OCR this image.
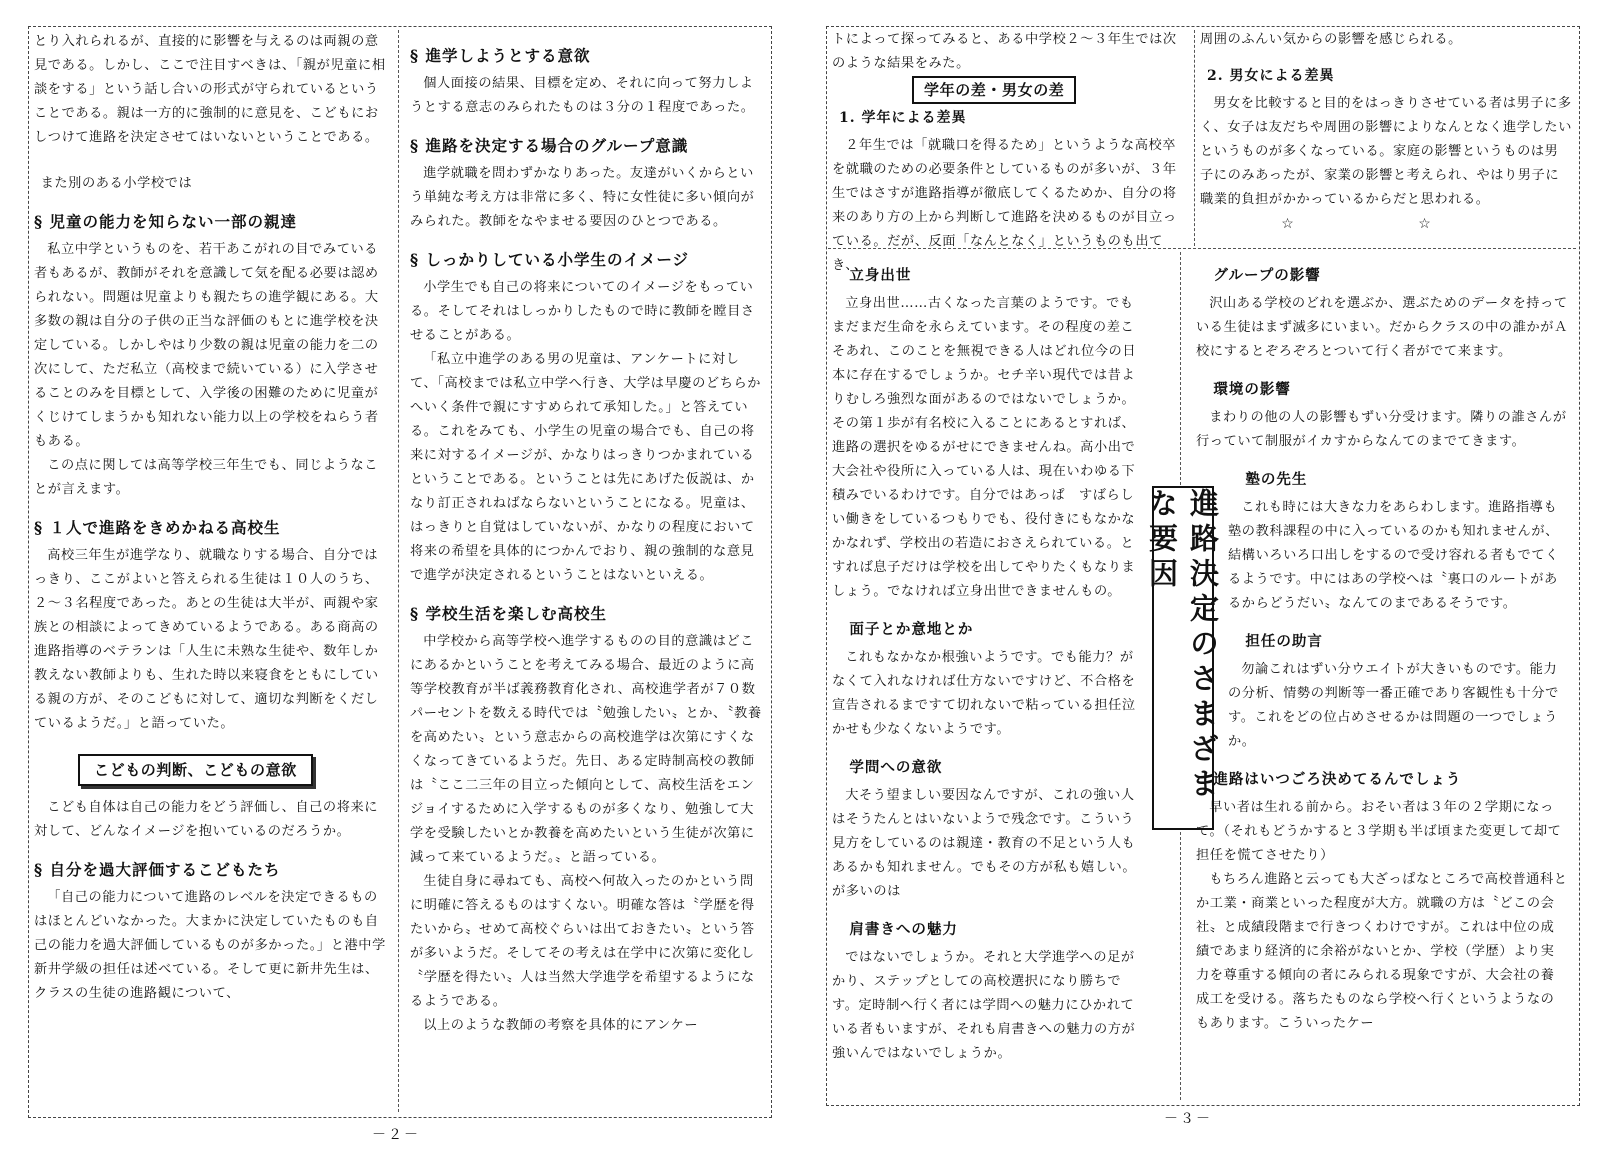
とり入れられるが、直接的に影響を与えるのは両親の意見である。しかし、ここで注目すべきは、「親が児童に相談をする」という話し合いの形式が守られているということである。親は一方的に強制的に意見を、こどもにおしつけて進路を決定させてはいないということである。

また別のある小学校では

§ 児童の能力を知らない一部の親達

私立中学というものを、若干あこがれの目でみている者もあるが、教師がそれを意識して気を配る必要は認められない。問題は児童よりも親たちの進学観にある。大多数の親は自分の子供の正当な評価のもとに進学校を決定している。しかしやはり少数の親は児童の能力を二の次にして、ただ私立（高校まで続いている）に入学させることのみを目標として、入学後の困難のために児童がくじけてしまうかも知れない能力以上の学校をねらう者もある。

この点に関しては高等学校三年生でも、同じようなことが言えます。

§ １人で進路をきめかねる高校生

高校三年生が進学なり、就職なりする場合、自分ではっきり、ここがよいと答えられる生徒は１０人のうち、２～３名程度であった。あとの生徒は大半が、両親や家族との相談によってきめているようである。ある商高の進路指導のベテランは「人生に未熟な生徒や、数年しか教えない教師よりも、生れた時以来寝食をともにしている親の方が、そのこどもに対して、適切な判断をくだしているようだ。」と語っていた。

こどもの判断、こどもの意欲

こども自体は自己の能力をどう評価し、自己の将来に対して、どんなイメージを抱いているのだろうか。

§ 自分を過大評価するこどもたち

「自己の能力について進路のレベルを決定できるものはほとんどいなかった。大まかに決定していたものも自己の能力を過大評価しているものが多かった。」と港中学新井学級の担任は述べている。そして更に新井先生は、クラスの生徒の進路観について、

§ 進学しようとする意欲

個人面接の結果、目標を定め、それに向って努力しようとする意志のみられたものは３分の１程度であった。

§ 進路を決定する場合のグループ意識

進学就職を問わずかなりあった。友達がいくからという単純な考え方は非常に多く、特に女性徒に多い傾向がみられた。教師をなやませる要因のひとつである。

§ しっかりしている小学生のイメージ

小学生でも自己の将来についてのイメージをもっている。そしてそれはしっかりしたもので時に教師を瞠目させることがある。

「私立中進学のある男の児童は、アンケートに対して、「高校までは私立中学へ行き、大学は早慶のどちらかへいく条件で親にすすめられて承知した。」と答えている。これをみても、小学生の児童の場合でも、自己の将来に対するイメージが、かなりはっきりつかまれているということである。ということは先にあげた仮説は、かなり訂正されねばならないということになる。児童は、はっきりと自覚はしていないが、かなりの程度において将来の希望を具体的につかんでおり、親の強制的な意見で進学が決定されるということはないといえる。

§ 学校生活を楽しむ高校生

中学校から高等学校へ進学するものの目的意識はどこにあるかということを考えてみる場合、最近のように高等学校教育が半ば義務教育化され、高校進学者が７０数パーセントを数える時代では〝勉強したい〟とか、〝教養を高めたい〟という意志からの高校進学は次第にすくなくなってきているようだ。先日、ある定時制高校の教師は〝ここ二三年の目立った傾向として、高校生活をエンジョイするために入学するものが多くなり、勉強して大学を受験したいとか教養を高めたいという生徒が次第に減って来ているようだ。〟と語っている。

生徒自身に尋ねても、高校へ何故入ったのかという問に明確に答えるものはすくない。明確な答は〝学歴を得たいから〟せめて高校ぐらいは出ておきたい〟という答が多いようだ。そしてその考えは在学中に次第に変化し〝学歴を得たい〟人は当然大学進学を希望するようになるようである。

以上のような教師の考察を具体的にアンケー

－２－

トによって探ってみると、ある中学校２～３年生では次のような結果をみた。

学年の差・男女の差
1. 学年による差異

２年生では「就職口を得るため」というような高校卒を就職のための必要条件としているものが多いが、３年生ではさすが進路指導が徹底してくるためか、自分の将来のあり方の上から判断して進路を決めるものが目立っている。だが、反面「なんとなく」というものも出てき、

周囲のふんい気からの影響を感じられる。

2. 男女による差異

男女を比較すると目的をはっきりさせている者は男子に多く、女子は友だちや周囲の影響によりなんとなく進学したいというものが多くなっている。家庭の影響というものは男子にのみあったが、家業の影響と考えられ、やはり男子に職業的負担がかかっているからだと思われる。

☆ ☆
立身出世

立身出世……古くなった言葉のようです。でもまだまだ生命を永らえています。その程度の差こそあれ、このことを無視できる人はどれ位今の日本に存在するでしょうか。セチ辛い現代では昔よりむしろ強烈な面があるのではないでしょうか。その第１歩が有名校に入ることにあるとすれば、進路の選択をゆるがせにできませんね。高小出で大会社や役所に入っている人は、現在いわゆる下積みでいるわけです。自分ではあっぱ　すばらしい働きをしているつもりでも、役付きにもなかなかなれず、学校出の若造におさえられている。とすれば息子だけは学校を出してやりたくもなりましょう。でなければ立身出世できませんもの。

面子とか意地とか

これもなかなか根強いようです。でも能力？がなくて入れなければ仕方ないですけど、不合格を宣告されるまですて切れないで粘っている担任泣かせも少なくないようです。

学問への意欲

大そう望ましい要因なんですが、これの強い人はそうたんとはいないようで残念です。こういう見方をしているのは親達・教育の不足という人もあるかも知れません。でもその方が私も嬉しい。が多いのは

肩書きへの魅力

ではないでしょうか。それと大学進学への足がかり、ステップとしての高校選択になり勝ちです。定時制へ行く者には学問への魅力にひかれている者もいますが、それも肩書きへの魅力の方が強いんではないでしょうか。

進路決定のさまざまな要因
グループの影響

沢山ある学校のどれを選ぶか、選ぶためのデータを持っている生徒はまず滅多にいまい。だからクラスの中の誰かがＡ校にするとぞろぞろとついて行く者がでて来ます。

環境の影響

まわりの他の人の影響もずい分受けます。隣りの誰さんが行っていて制服がイカすからなんてのまでてきます。

塾の先生

これも時には大きな力をあらわします。進路指導も塾の教科課程の中に入っているのかも知れませんが、結構いろいろ口出しをするので受け容れる者もでてくるようです。中にはあの学校へは〝裏口のルートがあるからどうだい〟なんてのまであるそうです。

担任の助言

勿論これはずい分ウエイトが大きいものです。能力の分析、情勢の判断等一番正確であり客観性も十分です。これをどの位占めさせるかは問題の一つでしょうか。

進路はいつごろ決めてるんでしょう

早い者は生れる前から。おそい者は３年の２学期になって。（それもどうかすると３学期も半ば頃また変更して却て担任を慌てさせたり）

もちろん進路と云っても大ざっぱなところで高校普通科とか工業・商業といった程度が大方。就職の方は〝どこの会社〟と成績段階まで行きつくわけですが。これは中位の成績であまり経済的に余裕がないとか、学校（学歴）より実力を尊重する傾向の者にみられる現象ですが、大会社の養成工を受ける。落ちたものなら学校へ行くというようなのもあります。こういったケー

－３－
